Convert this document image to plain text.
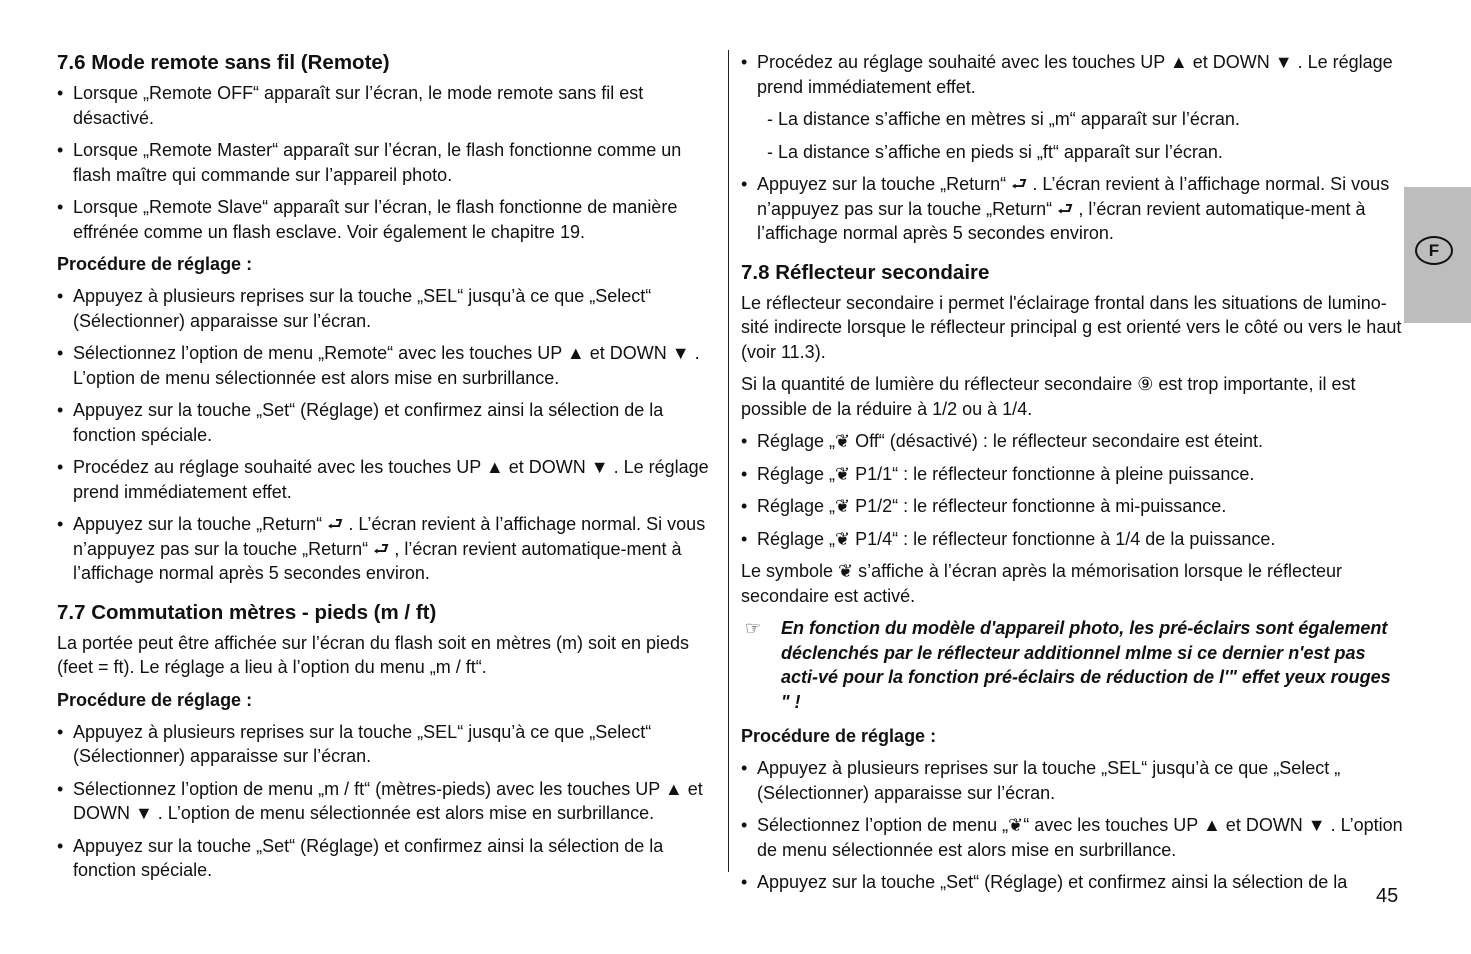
7.6 Mode remote sans fil (Remote)
• Lorsque „Remote OFF“ apparaît sur l’écran, le mode remote sans fil est désactivé.
• Lorsque „Remote Master“ apparaît sur l’écran, le flash fonctionne comme un flash maître qui commande sur l’appareil photo.
• Lorsque „Remote Slave“ apparaît sur l’écran, le flash fonctionne de manière effrénée comme un flash esclave. Voir également le chapitre 19.
Procédure de réglage :
• Appuyez à plusieurs reprises sur la touche „SEL“ jusqu’à ce que „Select“ (Sélectionner) apparaisse sur l’écran.
• Sélectionnez l’option de menu „Remote“ avec les touches UP ▲ et DOWN ▼ . L’option de menu sélectionnée est alors mise en surbrillance.
• Appuyez sur la touche „Set“ (Réglage) et confirmez ainsi la sélection de la fonction spéciale.
• Procédez au réglage souhaité avec les touches UP ▲ et DOWN ▼ . Le réglage prend immédiatement effet.
• Appuyez sur la touche „Return“ ⮐ . L’écran revient à l’affichage normal. Si vous n’appuyez pas sur la touche „Return“ ⮐ , l’écran revient automatique-ment à l’affichage normal après 5 secondes environ.
7.7 Commutation mètres - pieds (m / ft)

La portée peut être affichée sur l’écran du flash soit en mètres (m) soit en pieds (feet = ft). Le réglage a lieu à l’option du menu „m / ft“.

Procédure de réglage :
• Appuyez à plusieurs reprises sur la touche „SEL“ jusqu’à ce que „Select“ (Sélectionner) apparaisse sur l’écran.
• Sélectionnez l’option de menu „m / ft“ (mètres-pieds) avec les touches UP ▲ et DOWN ▼ . L’option de menu sélectionnée est alors mise en surbrillance.
• Appuyez sur la touche „Set“ (Réglage) et confirmez ainsi la sélection de la fonction spéciale.
• Procédez au réglage souhaité avec les touches UP ▲ et DOWN ▼ . Le réglage prend immédiatement effet.
- La distance s’affiche en mètres si „m“ apparaît sur l’écran.
- La distance s’affiche en pieds si „ft“ apparaît sur l’écran.
• Appuyez sur la touche „Return“ ⮐ . L’écran revient à l’affichage normal. Si vous n’appuyez pas sur la touche „Return“ ⮐ , l’écran revient automatique-ment à l’affichage normal après 5 secondes environ.
7.8 Réflecteur secondaire

Le réflecteur secondaire i permet l'éclairage frontal dans les situations de lumino-sité indirecte lorsque le réflecteur principal g est orienté vers le côté ou vers le haut (voir 11.3).

Si la quantité de lumière du réflecteur secondaire ⑨ est trop importante, il est possible de la réduire à 1/2 ou à 1/4.

• Réglage „❦ Off“ (désactivé) : le réflecteur secondaire est éteint.
• Réglage „❦ P1/1“ : le réflecteur fonctionne à pleine puissance.
• Réglage „❦ P1/2“ : le réflecteur fonctionne à mi-puissance.
• Réglage „❦ P1/4“ : le réflecteur fonctionne à 1/4 de la puissance.

Le symbole ❦ s’affiche à l’écran après la mémorisation lorsque le réflecteur secondaire est activé.

☞	En fonction du modèle d'appareil photo, les pré-éclairs sont également déclenchés par le réflecteur additionnel mlme si ce dernier n'est pas acti-vé pour la fonction pré-éclairs de réduction de l'" effet yeux rouges " !
Procédure de réglage :
• Appuyez à plusieurs reprises sur la touche „SEL“ jusqu’à ce que „Select „ (Sélectionner) apparaisse sur l’écran.
• Sélectionnez l’option de menu „❦“ avec les touches UP ▲ et DOWN ▼ . L’option de menu sélectionnée est alors mise en surbrillance.
• Appuyez sur la touche „Set“ (Réglage) et confirmez ainsi la sélection de la
F
45
